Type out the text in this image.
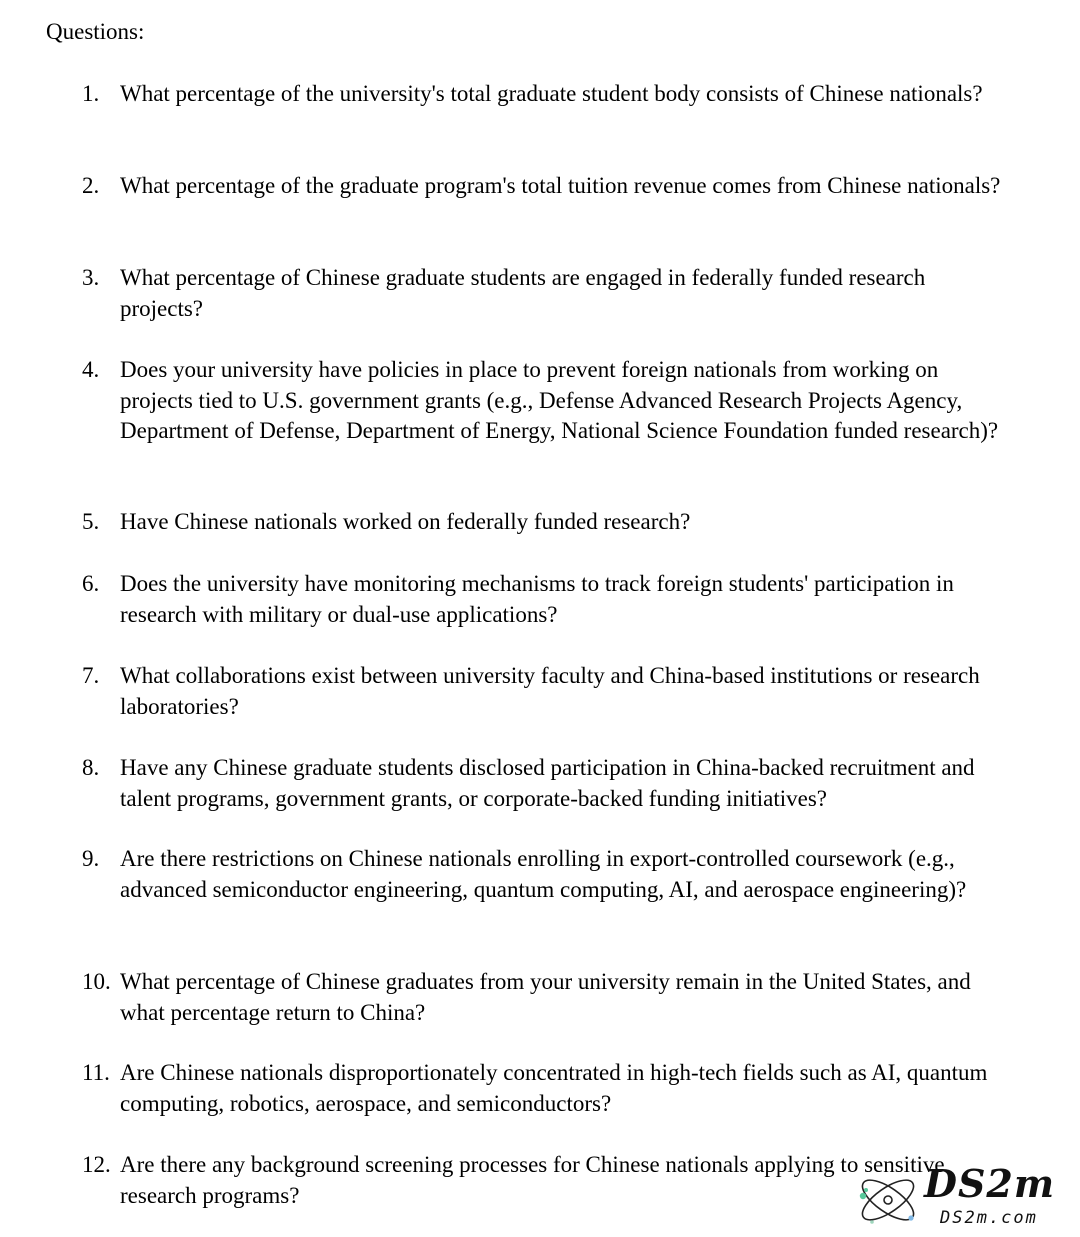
Questions:
1. What percentage of the university's total graduate student body consists of Chinese nationals?
2. What percentage of the graduate program's total tuition revenue comes from Chinese nationals?
3. What percentage of Chinese graduate students are engaged in federally funded research projects?
4. Does your university have policies in place to prevent foreign nationals from working on projects tied to U.S. government grants (e.g., Defense Advanced Research Projects Agency, Department of Defense, Department of Energy, National Science Foundation funded research)?
5. Have Chinese nationals worked on federally funded research?
6. Does the university have monitoring mechanisms to track foreign students' participation in research with military or dual-use applications?
7. What collaborations exist between university faculty and China-based institutions or research laboratories?
8. Have any Chinese graduate students disclosed participation in China-backed recruitment and talent programs, government grants, or corporate-backed funding initiatives?
9. Are there restrictions on Chinese nationals enrolling in export-controlled coursework (e.g., advanced semiconductor engineering, quantum computing, AI, and aerospace engineering)?
10. What percentage of Chinese graduates from your university remain in the United States, and what percentage return to China?
11. Are Chinese nationals disproportionately concentrated in high-tech fields such as AI, quantum computing, robotics, aerospace, and semiconductors?
12. Are there any background screening processes for Chinese nationals applying to sensitive research programs?	DS2m
DS2m.com
